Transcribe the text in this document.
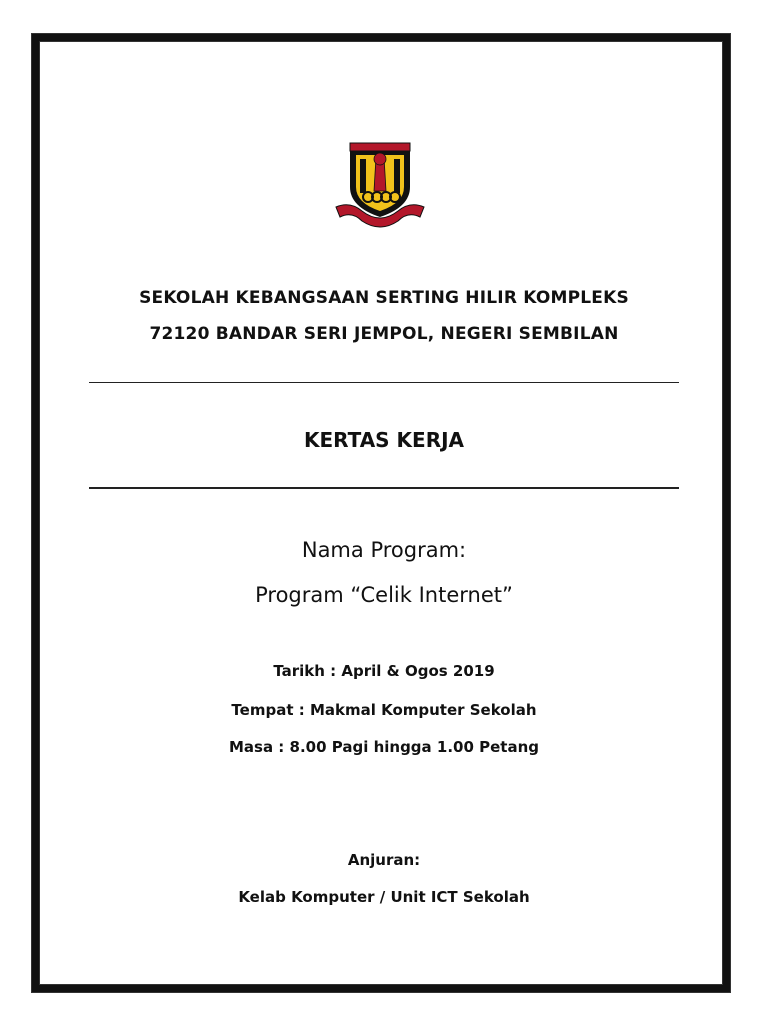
SEKOLAH KEBANGSAAN SERTING HILIR KOMPLEKS
72120 BANDAR SERI JEMPOL, NEGERI SEMBILAN
KERTAS KERJA
Nama Program:
Program “Celik Internet”
Tarikh : April & Ogos 2019
Tempat : Makmal Komputer Sekolah
Masa : 8.00 Pagi hingga 1.00 Petang
Anjuran:
Kelab Komputer / Unit ICT Sekolah
